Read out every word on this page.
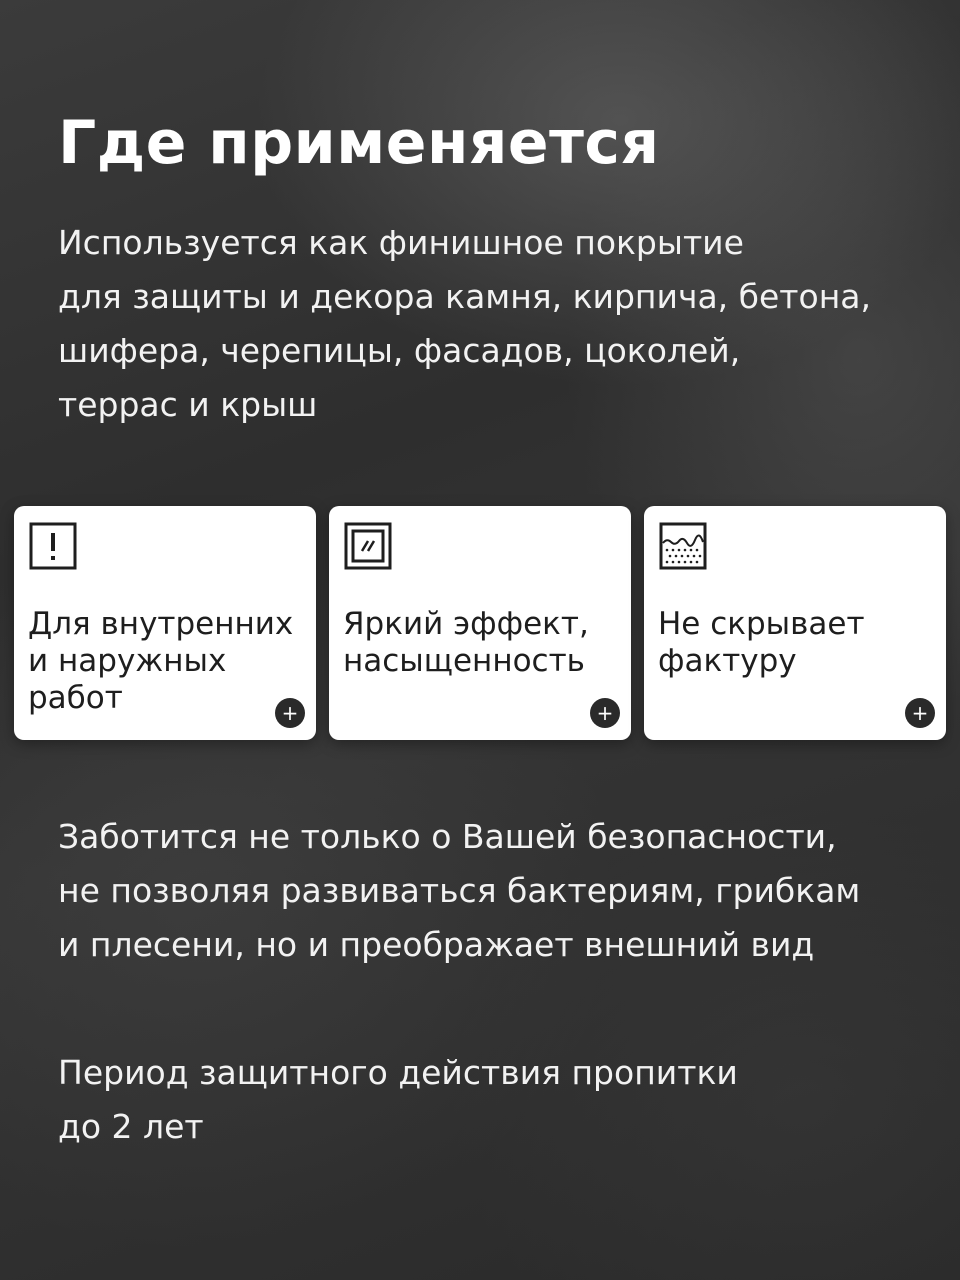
Где применяется

Используется как финишное покрытие
для защиты и декора камня, кирпича, бетона,
шифера, черепицы, фасадов, цоколей,
террас и крыш

Для внутренних
и наружных
работ	+
Яркий эффект,
насыщенность
+
Не скрывает
фактуру
+

Заботится не только о Вашей безопасности,
не позволяя развиваться бактериям, грибкам
и плесени, но и преображает внешний вид

Период защитного действия пропитки
до 2 лет
